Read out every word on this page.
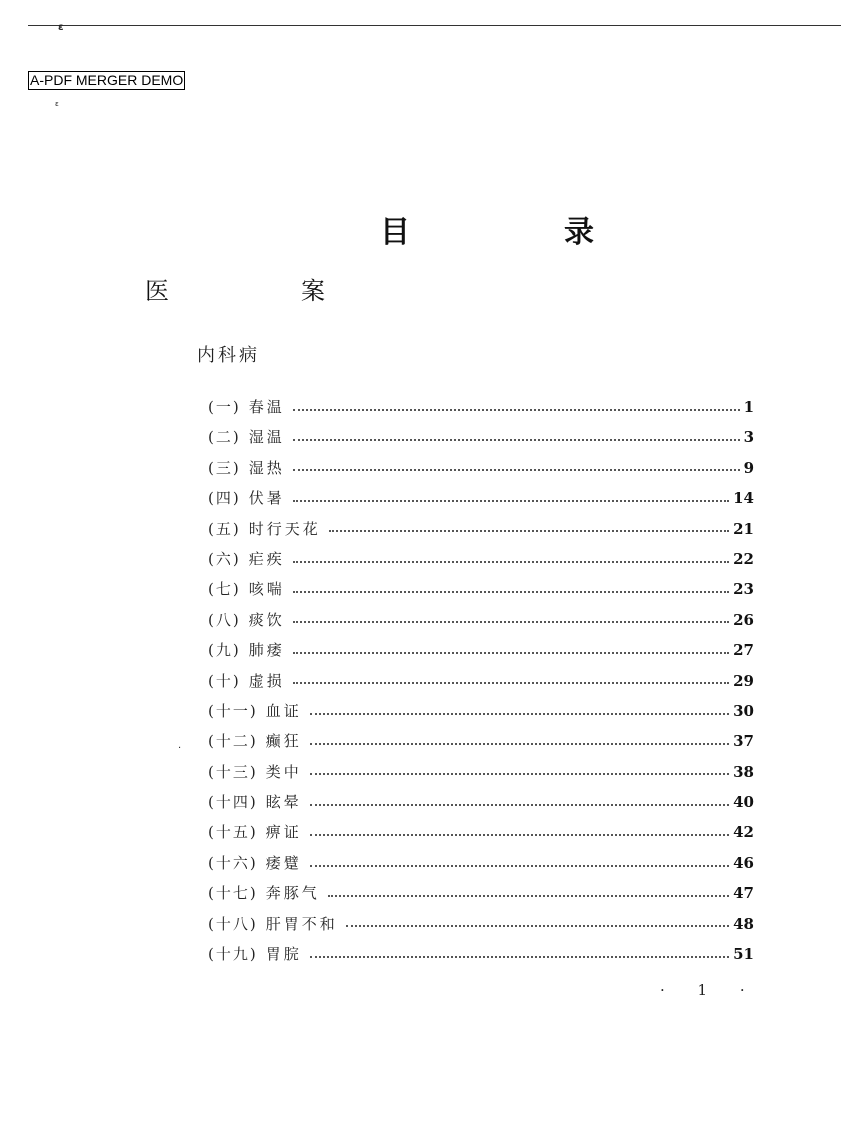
ɛ
ɛ
.
A-PDF MERGER DEMO
目　录
医　案
内科病
(一) 春温	1
(二) 湿温	3
(三) 湿热	9
(四) 伏暑	14
(五) 时行天花	21
(六) 疟疾	22
(七) 咳喘	23
(八) 痰饮	26
(九) 肺痿	27
(十) 虚损	29
(十一) 血证	30
(十二) 癫狂	37
(十三) 类中	38
(十四) 眩晕	40
(十五) 痹证	42
(十六) 痿躄	46
(十七) 奔豚气	47
(十八) 肝胃不和	48
(十九) 胃脘	51
· 1 ·
